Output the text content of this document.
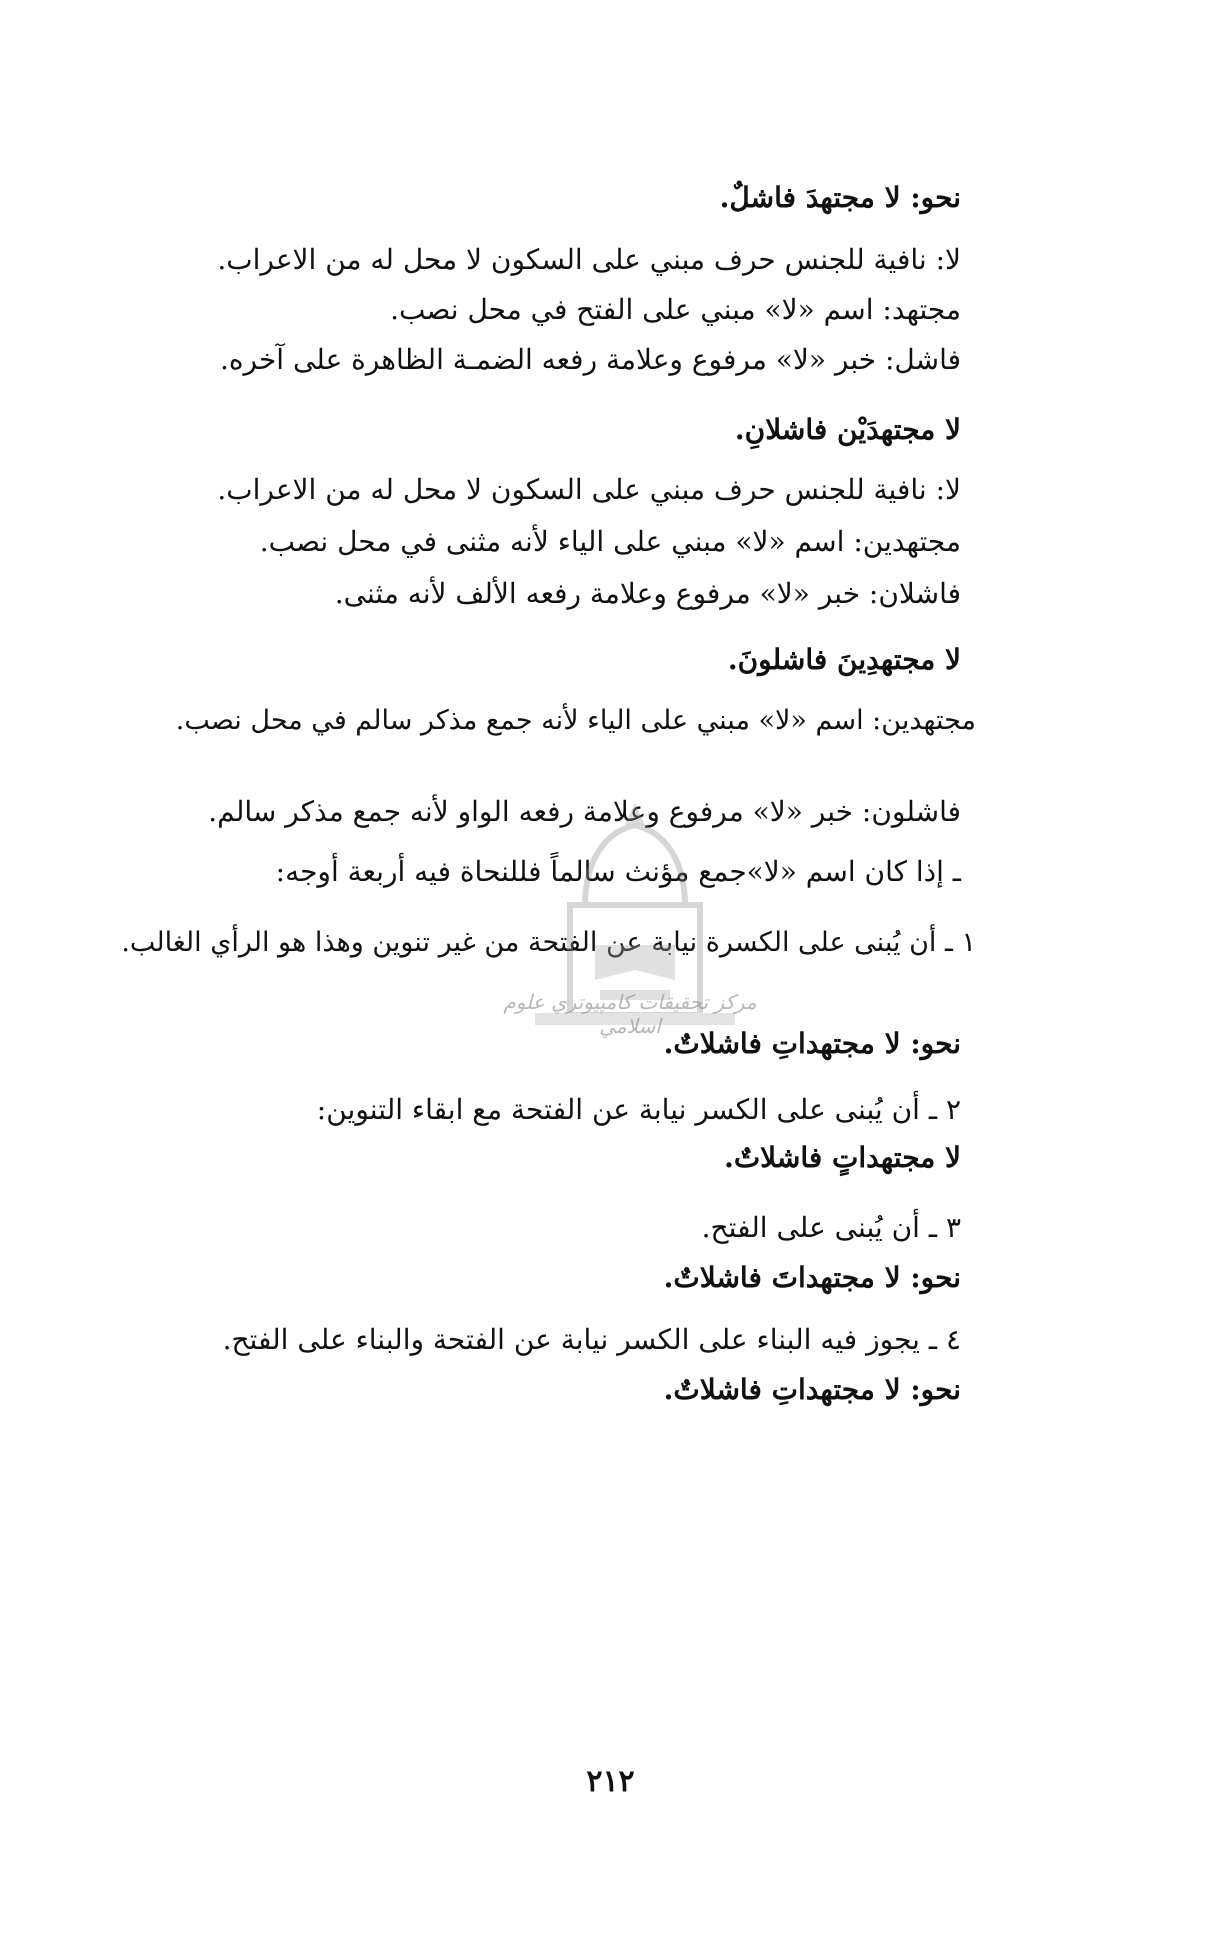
نحو: لا مجتهدَ فاشلٌ.

لا: نافية للجنس حرف مبني على السكون لا محل له من الاعراب.

مجتهد: اسم «لا» مبني على الفتح في محل نصب.

فاشل: خبر «لا» مرفوع وعلامة رفعه الضمـة الظاهرة على آخره.

لا مجتهدَيْن فاشلانِ.

لا: نافية للجنس حرف مبني على السكون لا محل له من الاعراب.

مجتهدين: اسم «لا» مبني على الياء لأنه مثنى في محل نصب.

فاشلان: خبر «لا» مرفوع وعلامة رفعه الألف لأنه مثنى.

لا مجتهدِينَ فاشلونَ.

مجتهدين: اسم «لا» مبني على الياء لأنه جمع مذكر سالم في محل نصب.

فاشلون: خبر «لا» مرفوع وعلامة رفعه الواو لأنه جمع مذكر سالم.

ـ إذا كان اسم «لا»جمع مؤنث سالماً فللنحاة فيه أربعة أوجه:

١ ـ أن يُبنى على الكسرة نيابة عن الفتحة من غير تنوين وهذا هو الرأي الغالب.

نحو: لا مجتهداتِ فاشلاتٌ.

٢ ـ أن يُبنى على الكسر نيابة عن الفتحة مع ابقاء التنوين:

لا مجتهداتٍ فاشلاتٌ.

٣ ـ أن يُبنى على الفتح.

نحو: لا مجتهداتَ فاشلاتٌ.

٤ ـ يجوز فيه البناء على الكسر نيابة عن الفتحة والبناء على الفتح.

نحو: لا مجتهداتِ فاشلاتٌ.

مركز تحقيقات كامپيوتري علوم اسلامي
٢١٢
